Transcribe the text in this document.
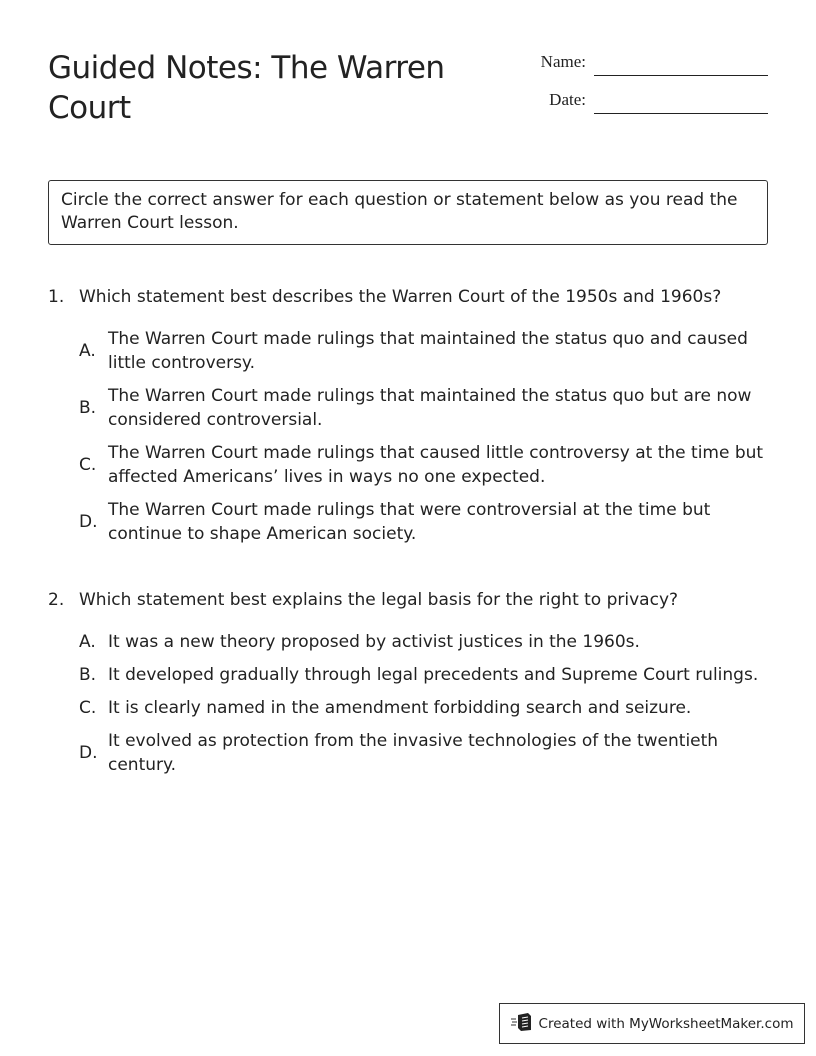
Guided Notes: The Warren Court
Name:
Date:
Circle the correct answer for each question or statement below as you read the Warren Court lesson.
1. Which statement best describes the Warren Court of the 1950s and 1960s?
A.
The Warren Court made rulings that maintained the status quo and caused little controversy.
B.
The Warren Court made rulings that maintained the status quo but are now considered controversial.
C.
The Warren Court made rulings that caused little controversy at the time but affected Americans’ lives in ways no one expected.
D.
The Warren Court made rulings that were controversial at the time but continue to shape American society.
2. Which statement best explains the legal basis for the right to privacy?
A. It was a new theory proposed by activist justices in the 1960s.
B. It developed gradually through legal precedents and Supreme Court rulings.
C. It is clearly named in the amendment forbidding search and seizure.
D.
It evolved as protection from the invasive technologies of the twentieth century.
Created with MyWorksheetMaker.com
